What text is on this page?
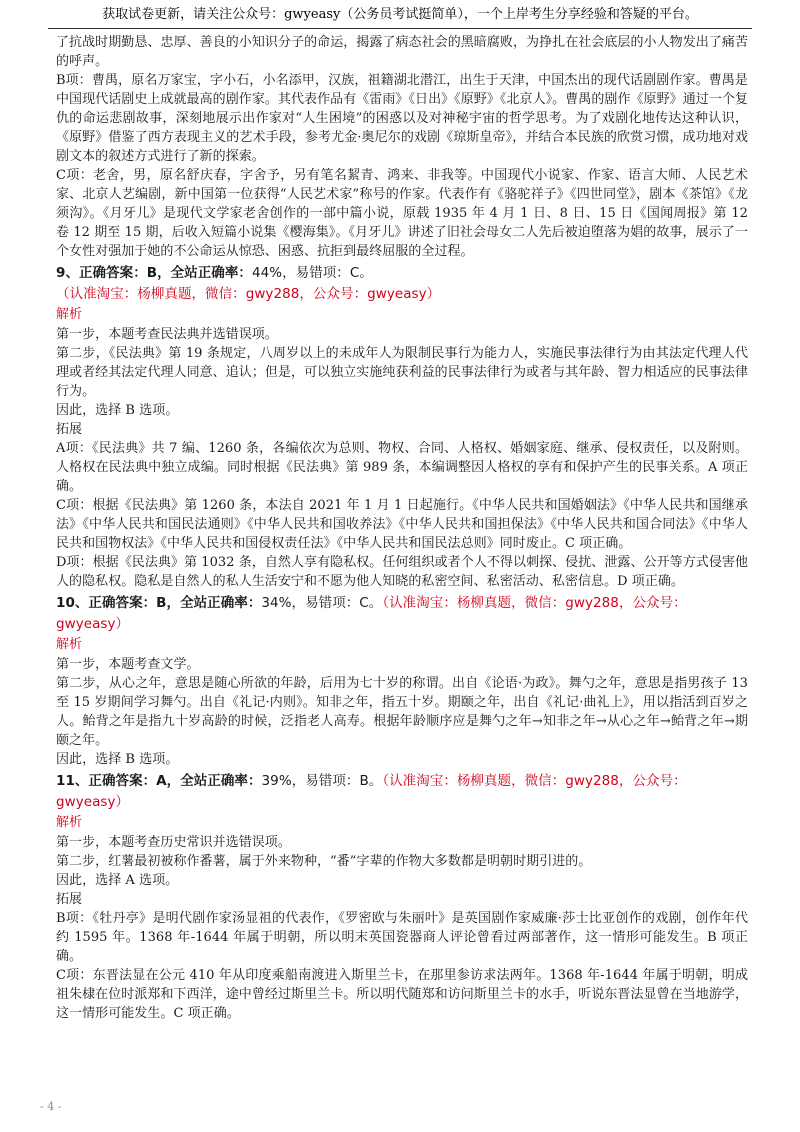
获取试卷更新，请关注公众号：gwyeasy（公务员考试挺简单），一个上岸考生分享经验和答疑的平台。

了抗战时期勤恳、忠厚、善良的小知识分子的命运，揭露了病态社会的黑暗腐败，为挣扎在社会底层的小人物发出了痛苦的呼声。

B项：曹禺，原名万家宝，字小石，小名添甲，汉族，祖籍湖北潜江，出生于天津，中国杰出的现代话剧剧作家。曹禺是中国现代话剧史上成就最高的剧作家。其代表作品有《雷雨》《日出》《原野》《北京人》。曹禺的剧作《原野》通过一个复仇的命运悲剧故事，深刻地展示出作家对“人生困境”的困惑以及对神秘宇宙的哲学思考。为了戏剧化地传达这种认识，《原野》借鉴了西方表现主义的艺术手段，参考尤金·奥尼尔的戏剧《琼斯皇帝》，并结合本民族的欣赏习惯，成功地对戏剧文本的叙述方式进行了新的探索。

C项：老舍，男，原名舒庆春，字舍予，另有笔名絜青、鸿来、非我等。中国现代小说家、作家、语言大师、人民艺术家、北京人艺编剧，新中国第一位获得“人民艺术家”称号的作家。代表作有《骆驼祥子》《四世同堂》，剧本《茶馆》《龙须沟》。《月牙儿》是现代文学家老舍创作的一部中篇小说，原载 1935 年 4 月 1 日、8 日、15 日《国闻周报》第 12 卷 12 期至 15 期，后收入短篇小说集《樱海集》。《月牙儿》讲述了旧社会母女二人先后被迫堕落为娼的故事，展示了一个女性对强加于她的不公命运从惊恐、困惑、抗拒到最终屈服的全过程。

9、正确答案：B，全站正确率：44%，易错项：C。（认准淘宝：杨柳真题，微信：gwy288，公众号：gwyeasy）
解析

第一步，本题考查民法典并选错误项。

第二步，《民法典》第 19 条规定，八周岁以上的未成年人为限制民事行为能力人，实施民事法律行为由其法定代理人代理或者经其法定代理人同意、追认；但是，可以独立实施纯获利益的民事法律行为或者与其年龄、智力相适应的民事法律行为。

因此，选择 B 选项。

拓展

A项：《民法典》共 7 编、1260 条，各编依次为总则、物权、合同、人格权、婚姻家庭、继承、侵权责任，以及附则。人格权在民法典中独立成编。同时根据《民法典》第 989 条，本编调整因人格权的享有和保护产生的民事关系。A 项正确。

C项：根据《民法典》第 1260 条，本法自 2021 年 1 月 1 日起施行。《中华人民共和国婚姻法》《中华人民共和国继承法》《中华人民共和国民法通则》《中华人民共和国收养法》《中华人民共和国担保法》《中华人民共和国合同法》《中华人民共和国物权法》《中华人民共和国侵权责任法》《中华人民共和国民法总则》同时废止。C 项正确。

D项：根据《民法典》第 1032 条，自然人享有隐私权。任何组织或者个人不得以刺探、侵扰、泄露、公开等方式侵害他人的隐私权。隐私是自然人的私人生活安宁和不愿为他人知晓的私密空间、私密活动、私密信息。D 项正确。

10、正确答案：B，全站正确率：34%，易错项：C。（认准淘宝：杨柳真题，微信：gwy288，公众号：gwyeasy）
解析

第一步，本题考查文学。

第二步，从心之年，意思是随心所欲的年龄，后用为七十岁的称谓。出自《论语·为政》。舞勺之年，意思是指男孩子 13 至 15 岁期间学习舞勺。出自《礼记·内则》。知非之年，指五十岁。期颐之年，出自《礼记·曲礼上》，用以指活到百岁之人。鲐背之年是指九十岁高龄的时候，泛指老人高寿。根据年龄顺序应是舞勺之年→知非之年→从心之年→鲐背之年→期颐之年。

因此，选择 B 选项。

11、正确答案：A，全站正确率：39%，易错项：B。（认准淘宝：杨柳真题，微信：gwy288，公众号：gwyeasy）
解析

第一步，本题考查历史常识并选错误项。

第二步，红薯最初被称作番薯，属于外来物种，“番”字辈的作物大多数都是明朝时期引进的。

因此，选择 A 选项。

拓展

B项：《牡丹亭》是明代剧作家汤显祖的代表作，《罗密欧与朱丽叶》是英国剧作家威廉·莎士比亚创作的戏剧，创作年代约 1595 年。1368 年-1644 年属于明朝，所以明末英国瓷器商人评论曾看过两部著作，这一情形可能发生。B 项正确。

C项：东晋法显在公元 410 年从印度乘船南渡进入斯里兰卡，在那里参访求法两年。1368 年-1644 年属于明朝，明成祖朱棣在位时派郑和下西洋，途中曾经过斯里兰卡。所以明代随郑和访问斯里兰卡的水手，听说东晋法显曾在当地游学，这一情形可能发生。C 项正确。

- 4 -
